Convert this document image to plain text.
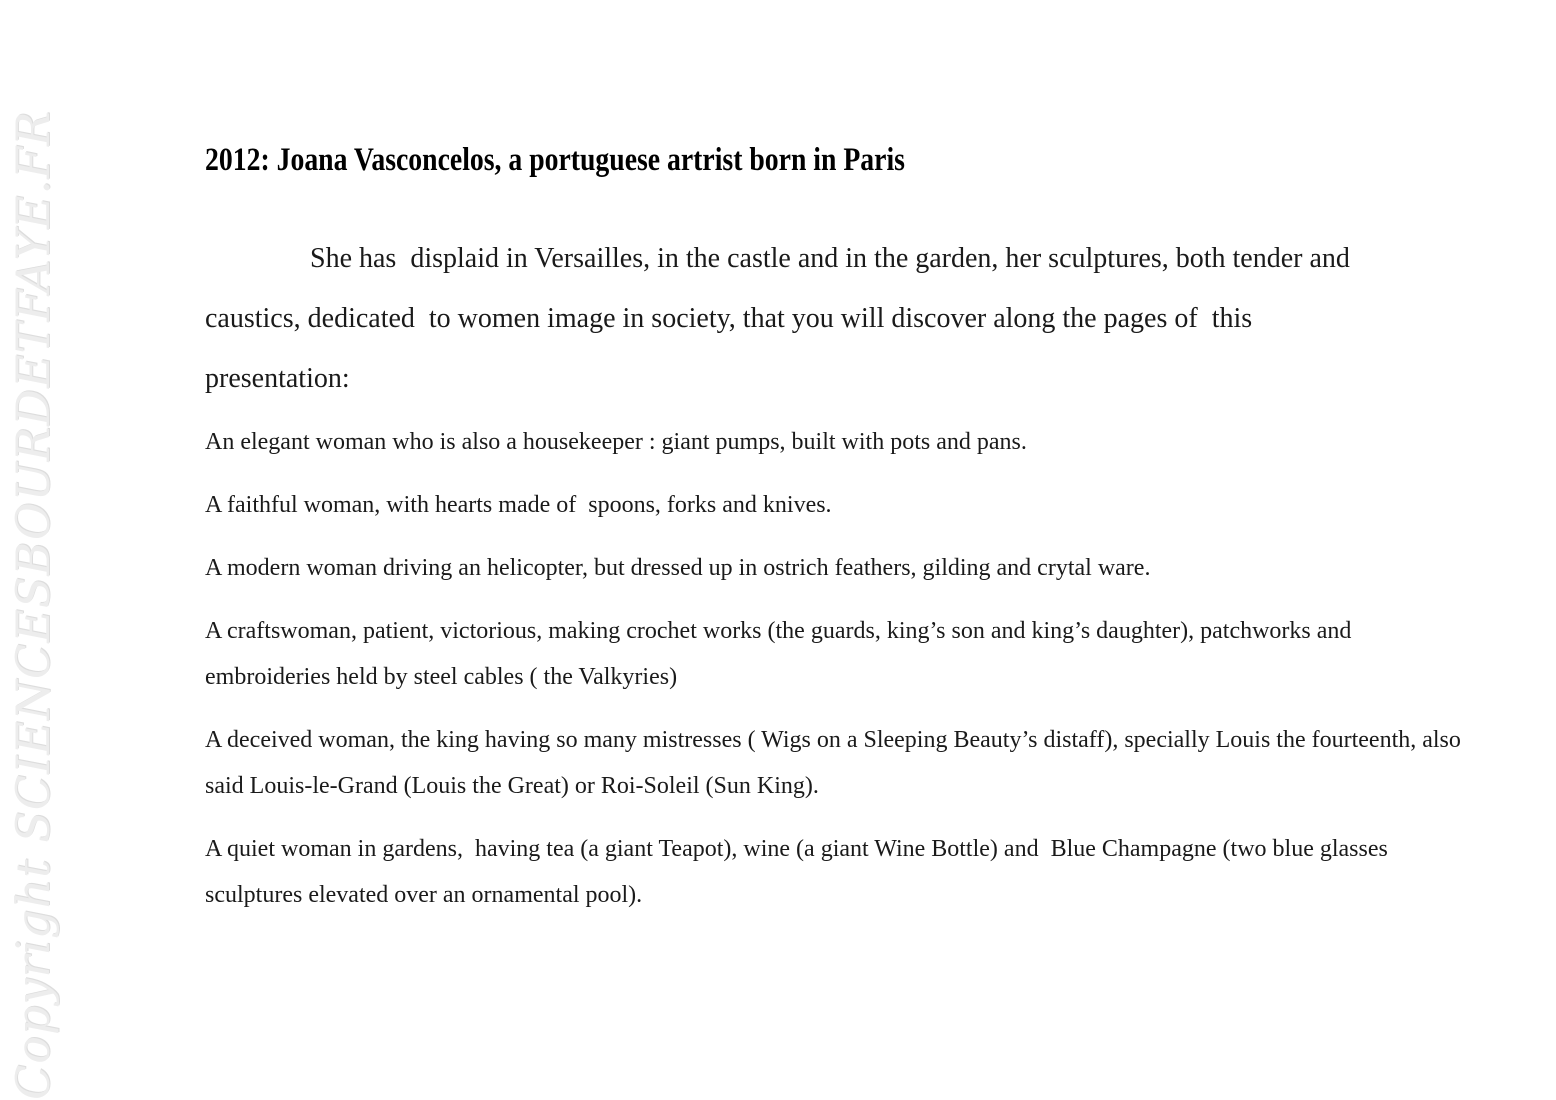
Copyright SCIENCESBOURDETFAYE.FR	2012: Joana Vasconcelos, a portuguese artrist born in Paris

She has  displaid in Versailles, in the castle and in the garden, her sculptures, both tender and caustics, dedicated  to women image in society, that you will discover along the pages of  this presentation:

An elegant woman who is also a housekeeper : giant pumps, built with pots and pans.

A faithful woman, with hearts made of  spoons, forks and knives.

A modern woman driving an helicopter, but dressed up in ostrich feathers, gilding and crytal ware.

A craftswoman, patient, victorious, making crochet works (the guards, king’s son and king’s daughter), patchworks and embroideries held by steel cables ( the Valkyries)

A deceived woman, the king having so many mistresses ( Wigs on a Sleeping Beauty’s distaff), specially Louis the fourteenth, also said Louis-le-Grand (Louis the Great) or Roi-Soleil (Sun King).

A quiet woman in gardens,  having tea (a giant Teapot), wine (a giant Wine Bottle) and  Blue Champagne (two blue glasses sculptures elevated over an ornamental pool).
